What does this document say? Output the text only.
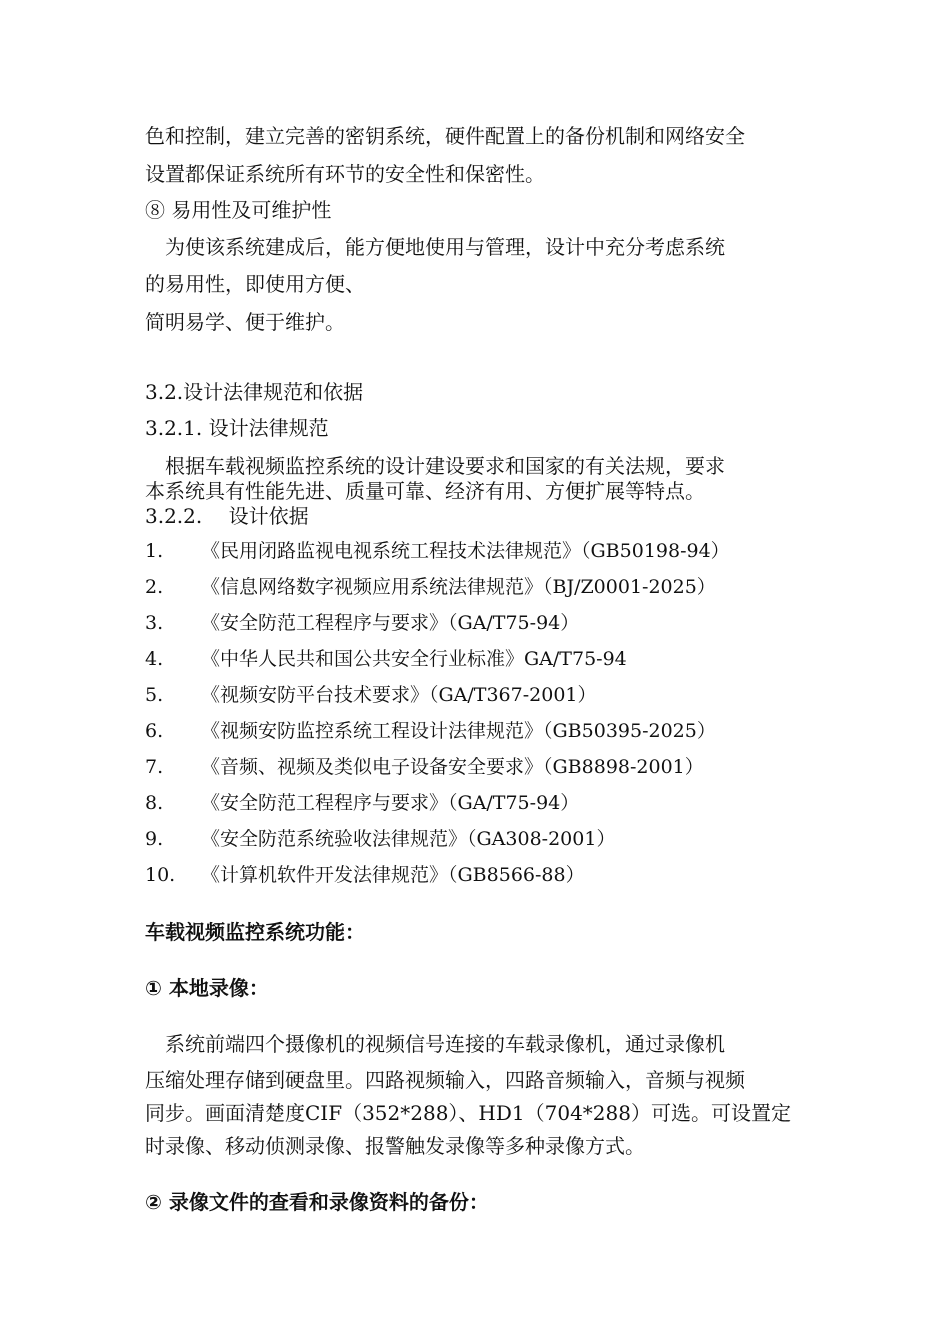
色和控制，建立完善的密钥系统，硬件配置上的备份机制和网络安全
设置都保证系统所有环节的安全性和保密性。
⑧ 易用性及可维护性
　为使该系统建成后，能方便地使用与管理，设计中充分考虑系统
的易用性，即使用方便、
简明易学、便于维护。
3.2.设计法律规范和依据
3.2.1. 设计法律规范
　根据车载视频监控系统的设计建设要求和国家的有关法规，要求
本系统具有性能先进、质量可靠、经济有用、方便扩展等特点。
3.2.2.　 设计依据
1. 《民用闭路监视电视系统工程技术法律规范》（GB50198-94）
2. 《信息网络数字视频应用系统法律规范》（BJ/Z0001-2025）
3. 《安全防范工程程序与要求》（GA/T75-94）
4. 《中华人民共和国公共安全行业标准》GA/T75-94
5. 《视频安防平台技术要求》（GA/T367-2001）
6. 《视频安防监控系统工程设计法律规范》（GB50395-2025）
7. 《音频、视频及类似电子设备安全要求》（GB8898-2001）
8. 《安全防范工程程序与要求》（GA/T75-94）
9. 《安全防范系统验收法律规范》（GA308-2001）
10. 《计算机软件开发法律规范》（GB8566-88）
车载视频监控系统功能：
① 本地录像：
　系统前端四个摄像机的视频信号连接的车载录像机，通过录像机
压缩处理存储到硬盘里。四路视频输入，四路音频输入，音频与视频
同步。画面清楚度CIF（352*288）、HD1（704*288）可选。可设置定
时录像、移动侦测录像、报警触发录像等多种录像方式。
② 录像文件的查看和录像资料的备份：
